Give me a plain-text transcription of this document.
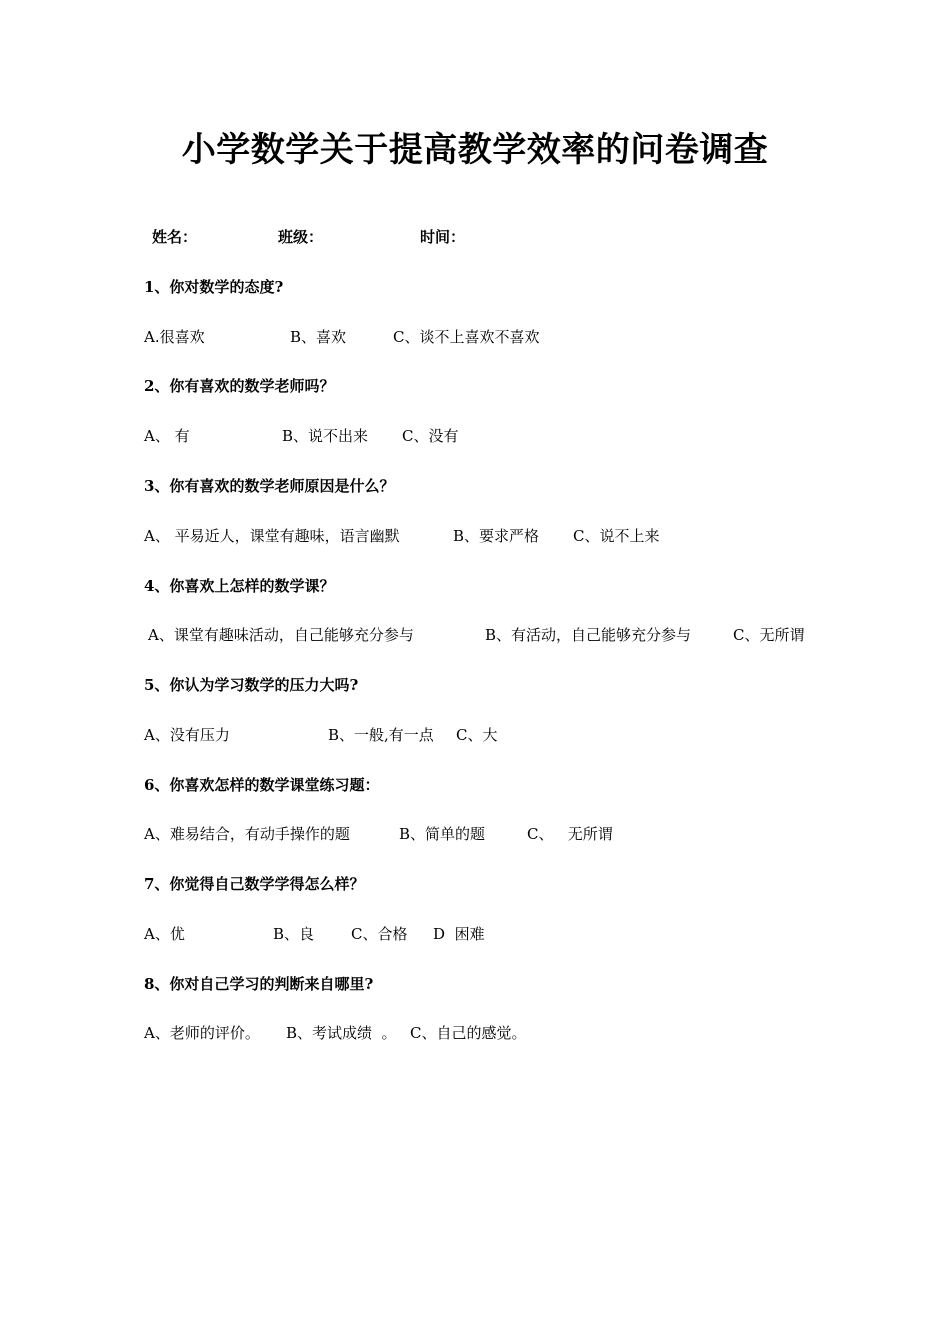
小学数学关于提高教学效率的问卷调查
姓名：	班级：	时间：
1、你对数学的态度?
A.很喜欢	B、喜欢	C、谈不上喜欢不喜欢
2、你有喜欢的数学老师吗？
A、 有	B、说不出来 C、没有
3、你有喜欢的数学老师原因是什么？
A、 平易近人，课堂有趣味，语言幽默	B、要求严格 C、说不上来
4、你喜欢上怎样的数学课？
A、课堂有趣味活动，自己能够充分参与	B、有活动，自己能够充分参与	C、无所谓
5、你认为学习数学的压力大吗?
A、没有压力	B、一般,有一点 C、大
6、你喜欢怎样的数学课堂练习题：
A、难易结合，有动手操作的题	B、简单的题	C、   无所谓
7、你觉得自己数学学得怎么样？
A、优	B、良 C、合格 D  困难
8、你对自己学习的判断来自哪里?
A、老师的评价。 B、考试成绩  。 C、自己的感觉。
